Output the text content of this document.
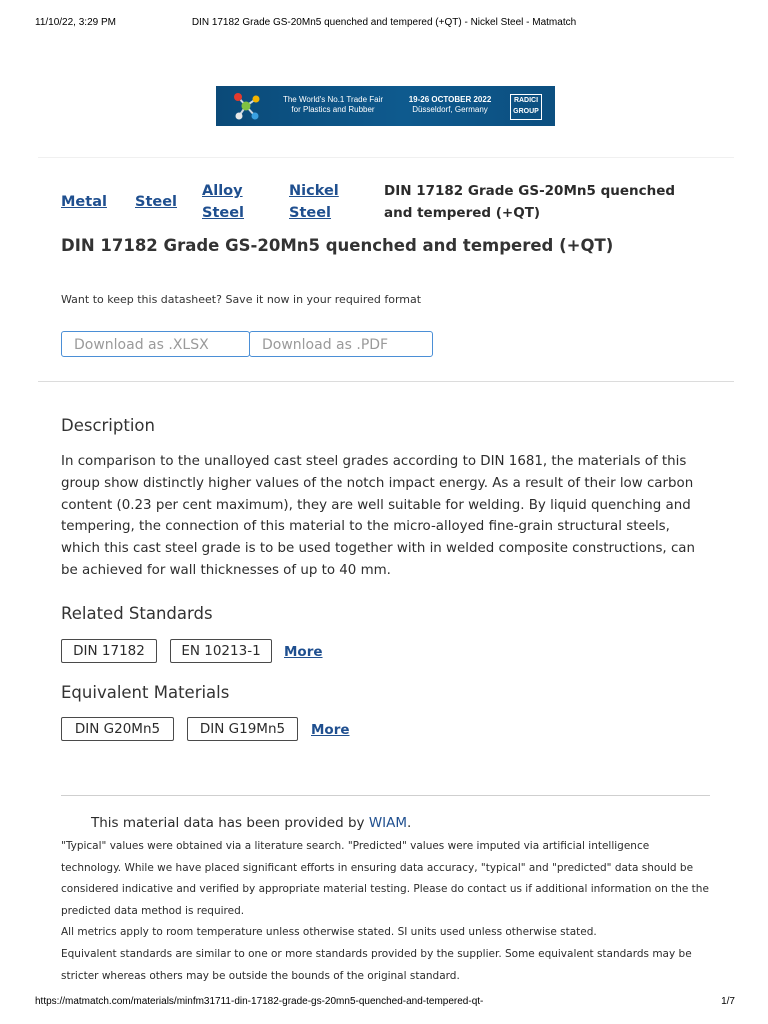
11/10/22, 3:29 PM	DIN 17182 Grade GS-20Mn5 quenched and tempered (+QT) - Nickel Steel - Matmatch
The World's No.1 Trade Fair
for Plastics and Rubber
19-26 OCTOBER 2022
Düsseldorf, Germany
RADICI
GROUP
Metal Steel
Alloy
Steel
Nickel
Steel
DIN 17182 Grade GS-20Mn5 quenched and tempered (+QT)
DIN 17182 Grade GS-20Mn5 quenched and tempered (+QT)
Want to keep this datasheet? Save it now in your required format
Download as .XLSX	Download as .PDF
Description

In comparison to the unalloyed cast steel grades according to DIN 1681, the materials of this group show distinctly higher values of the notch impact energy. As a result of their low carbon content (0.23 per cent maximum), they are well suitable for welding. By liquid quenching and tempering, the connection of this material to the micro-alloyed fine-grain structural steels, which this cast steel grade is to be used together with in welded composite constructions, can be achieved for wall thicknesses of up to 40 mm.

Related Standards
DIN 17182	EN 10213-1	More
Equivalent Materials
DIN G20Mn5	DIN G19Mn5	More
This material data has been provided by WIAM.

"Typical" values were obtained via a literature search. "Predicted" values were imputed via artificial intelligence technology. While we have placed significant efforts in ensuring data accuracy, "typical" and "predicted" data should be considered indicative and verified by appropriate material testing. Please do contact us if additional information on the the predicted data method is required.

All metrics apply to room temperature unless otherwise stated. SI units used unless otherwise stated.

Equivalent standards are similar to one or more standards provided by the supplier. Some equivalent standards may be stricter whereas others may be outside the bounds of the original standard.

https://matmatch.com/materials/minfm31711-din-17182-grade-gs-20mn5-quenched-and-tempered-qt-	1/7
